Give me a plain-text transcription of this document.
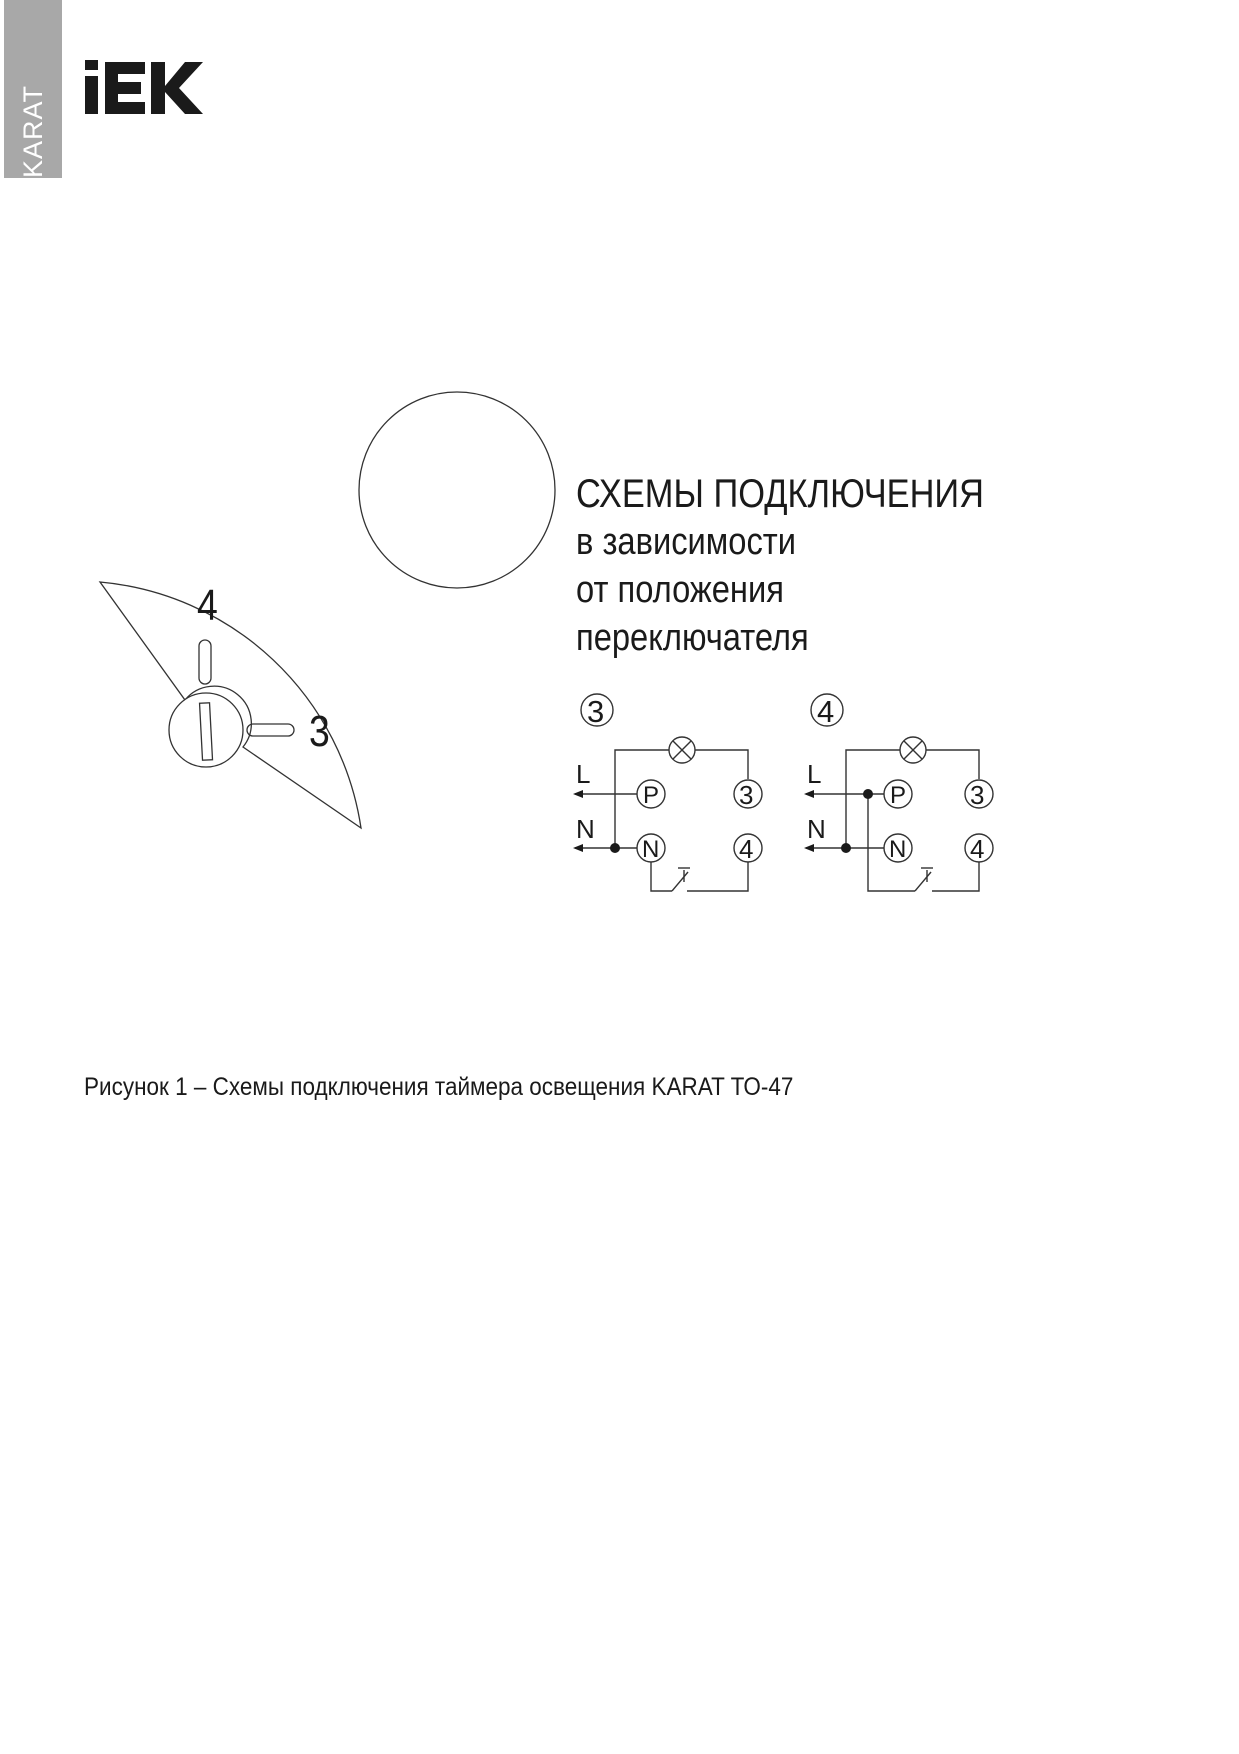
KARAT
4
3	3
L
N
P
N
3
4
4
L
N
P
N
3
4
СХЕМЫ ПОДКЛЮЧЕНИЯ
в зависимости
от положения
переключателя
Рисунок 1 – Схемы подключения таймера освещения KARAT ТО-47
